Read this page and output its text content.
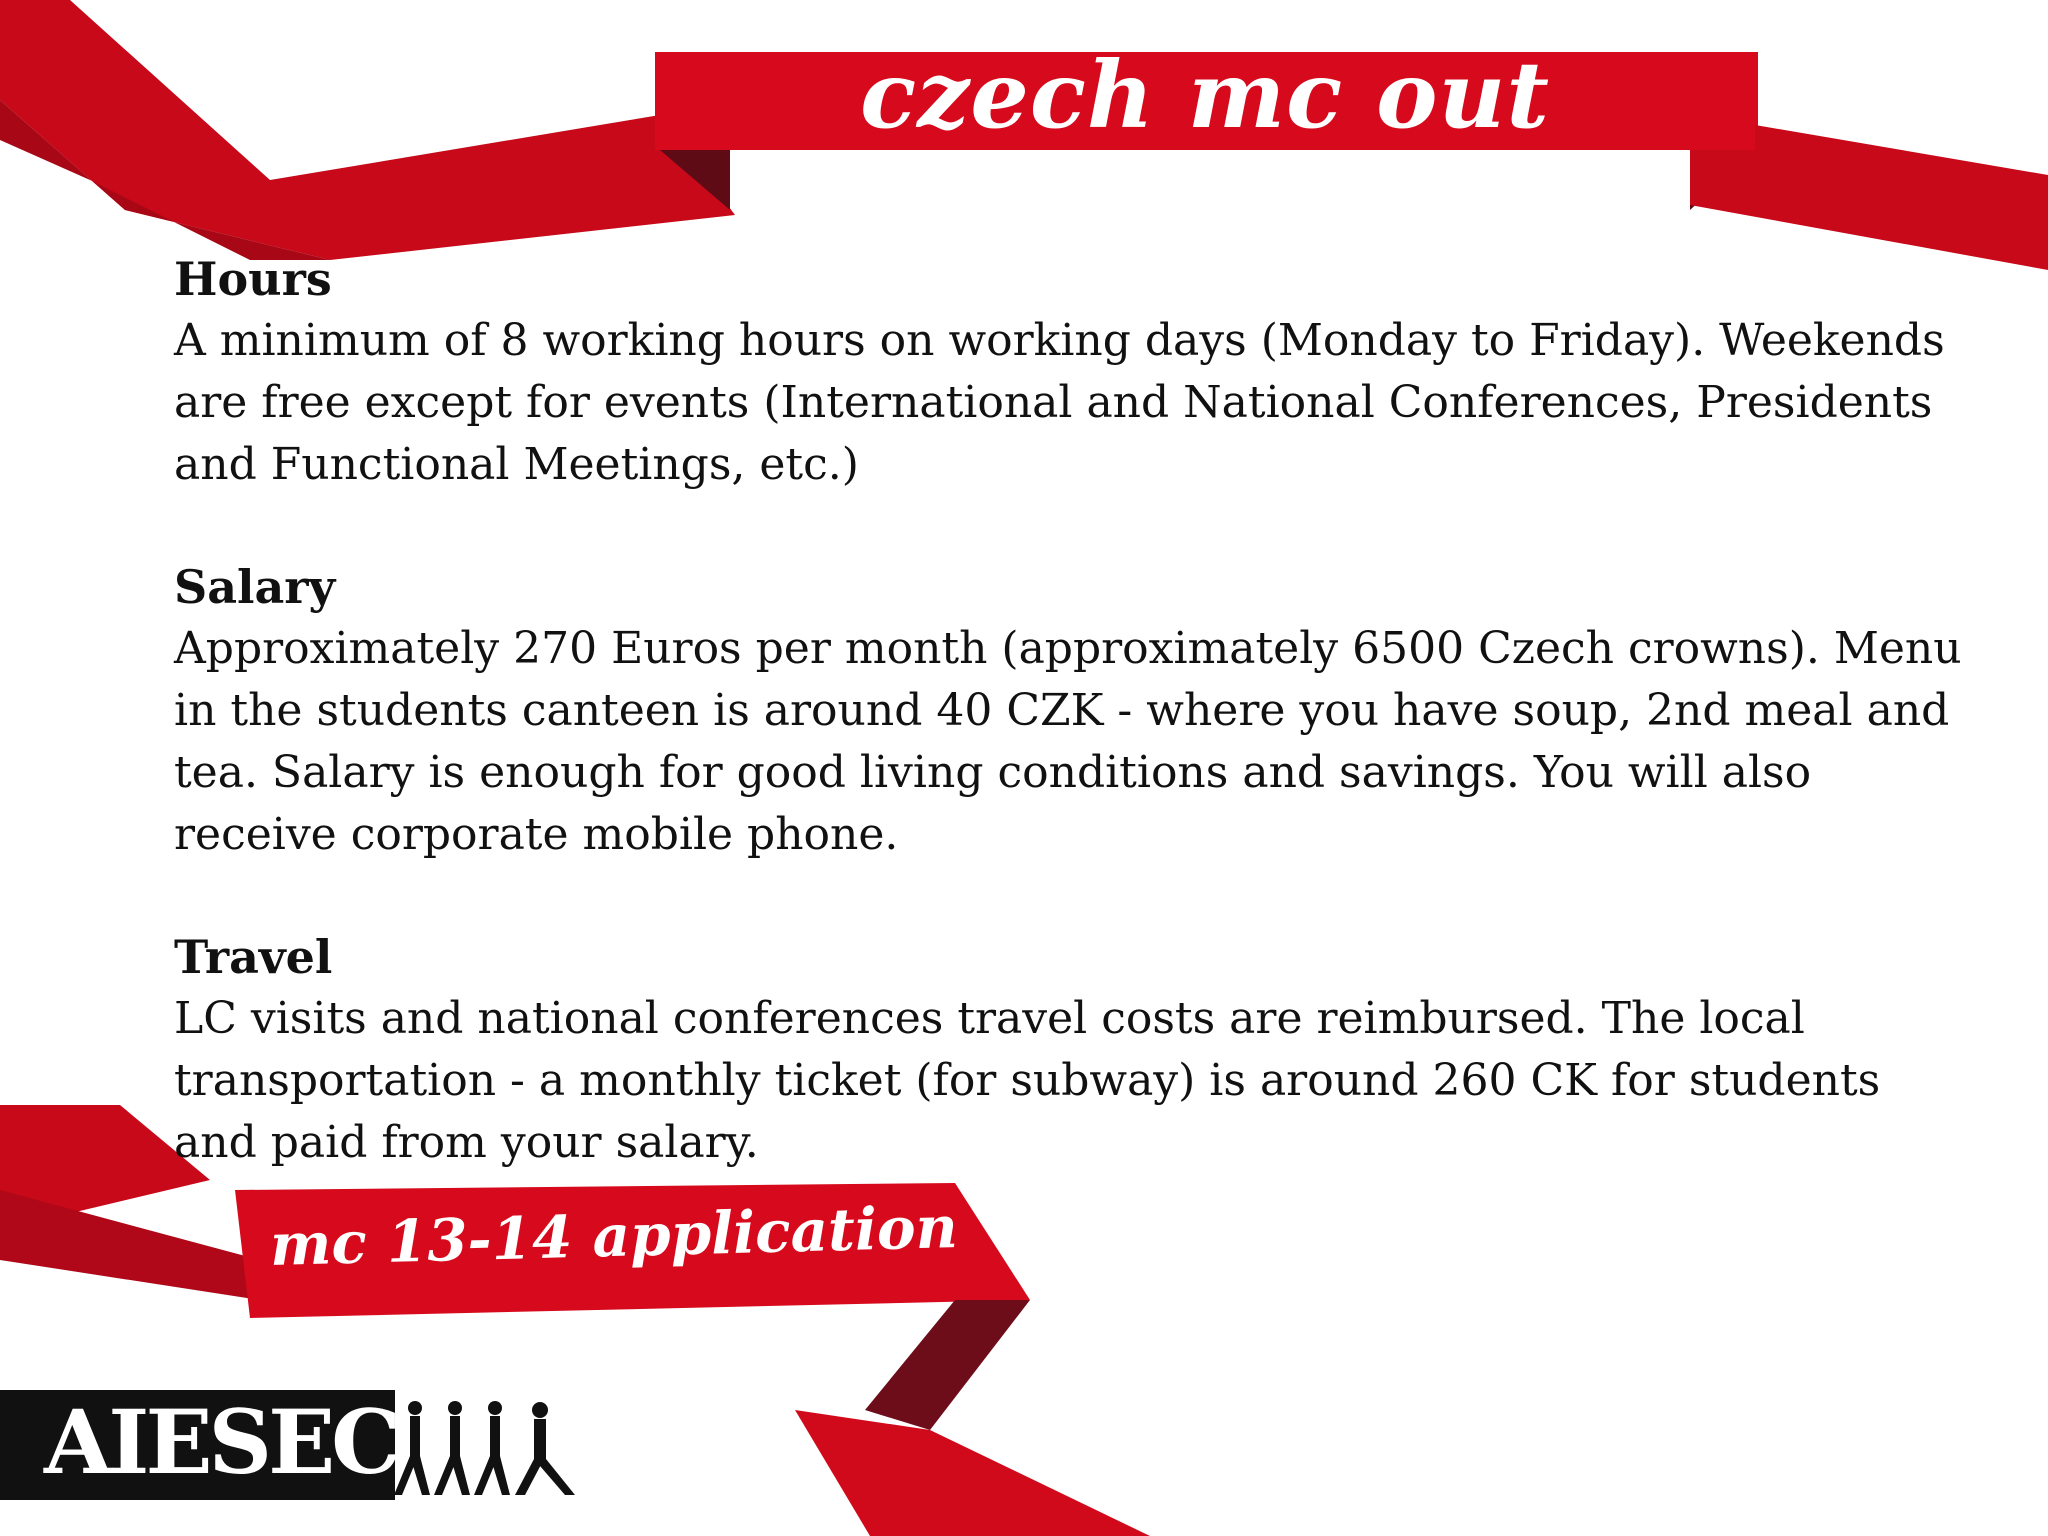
czech mc out
Hours

A minimum of 8 working hours on working days (Monday to Friday). Weekends are free except for events (International and National Conferences, Presidents and Functional Meetings, etc.)

Salary

Approximately 270 Euros per month (approximately 6500 Czech crowns). Menu in the students canteen is around 40 CZK - where you have soup, 2nd meal and tea. Salary is enough for good living conditions and savings. You will also receive corporate mobile phone.

Travel

LC visits and national conferences travel costs are reimbursed. The local transportation - a monthly ticket (for subway) is around 260 CK for students and paid from your salary.

mc 13-14 application form
AIESEC
